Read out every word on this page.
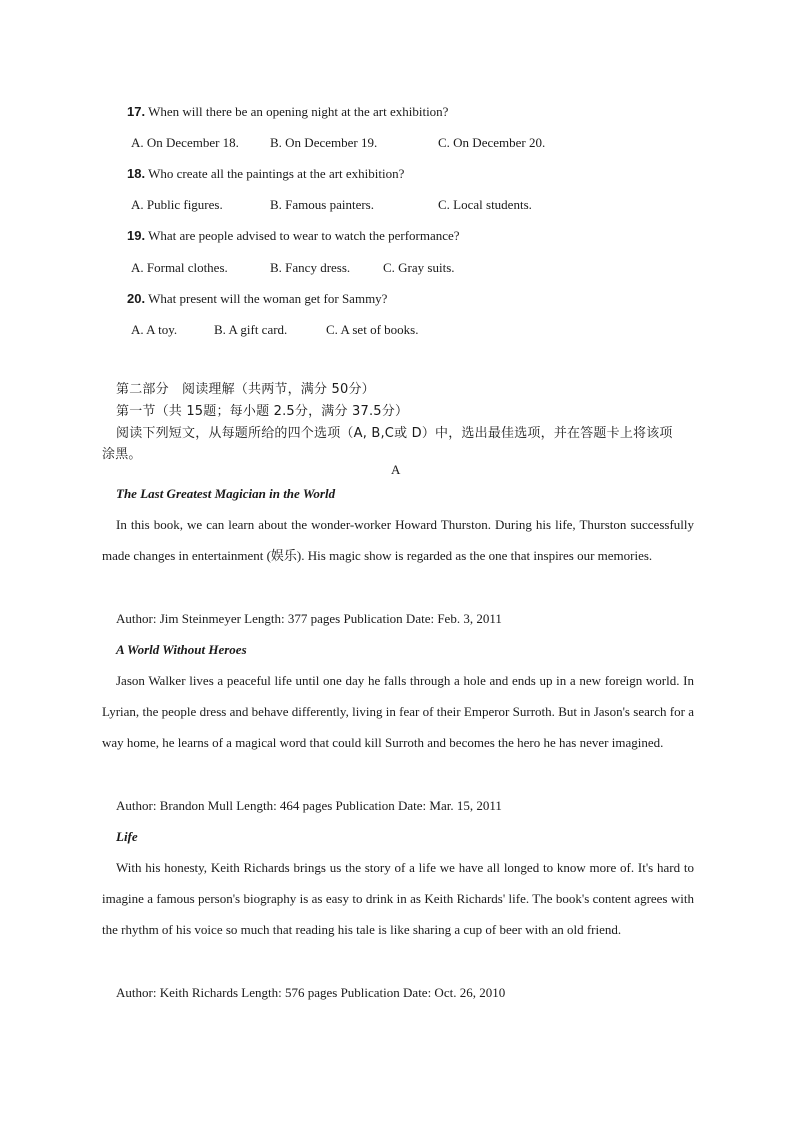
17. When will there be an opening night at the art exhibition?
A. On December 18. B. On December 19.	C. On December 20.
18. Who create all the paintings at the art exhibition?
A. Public figures.	B. Famous painters.	C. Local students.
19. What are people advised to wear to watch the performance?
A. Formal clothes.	B. Fancy dress.	C. Gray suits.
20. What present will the woman get for Sammy?
A. A toy.	B. A gift card.	C. A set of books.
第二部分　阅读理解（共两节，满分 50分）
第一节（共 15题；每小题 2.5分，满分 37.5分）
阅读下列短文，从每题所给的四个选项（A, B,C或 D）中，选出最佳选项，并在答题卡上将该项
涂黑。
A
The Last Greatest Magician in the World
In this book, we can learn about the wonder-worker Howard Thurston. During his life, Thurston successfully made changes in entertainment (娱乐). His magic show is regarded as the one that inspires our memories.
Author: Jim Steinmeyer Length: 377 pages Publication Date: Feb. 3, 2011
A World Without Heroes
Jason Walker lives a peaceful life until one day he falls through a hole and ends up in a new foreign world. In Lyrian, the people dress and behave differently, living in fear of their Emperor Surroth. But in Jason's search for a way home, he learns of a magical word that could kill Surroth and becomes the hero he has never imagined.
Author: Brandon Mull Length: 464 pages Publication Date: Mar. 15, 2011
Life
With his honesty, Keith Richards brings us the story of a life we have all longed to know more of. It's hard to imagine a famous person's biography is as easy to drink in as Keith Richards' life. The book's content agrees with the rhythm of his voice so much that reading his tale is like sharing a cup of beer with an old friend.
Author: Keith Richards Length: 576 pages Publication Date: Oct. 26, 2010
